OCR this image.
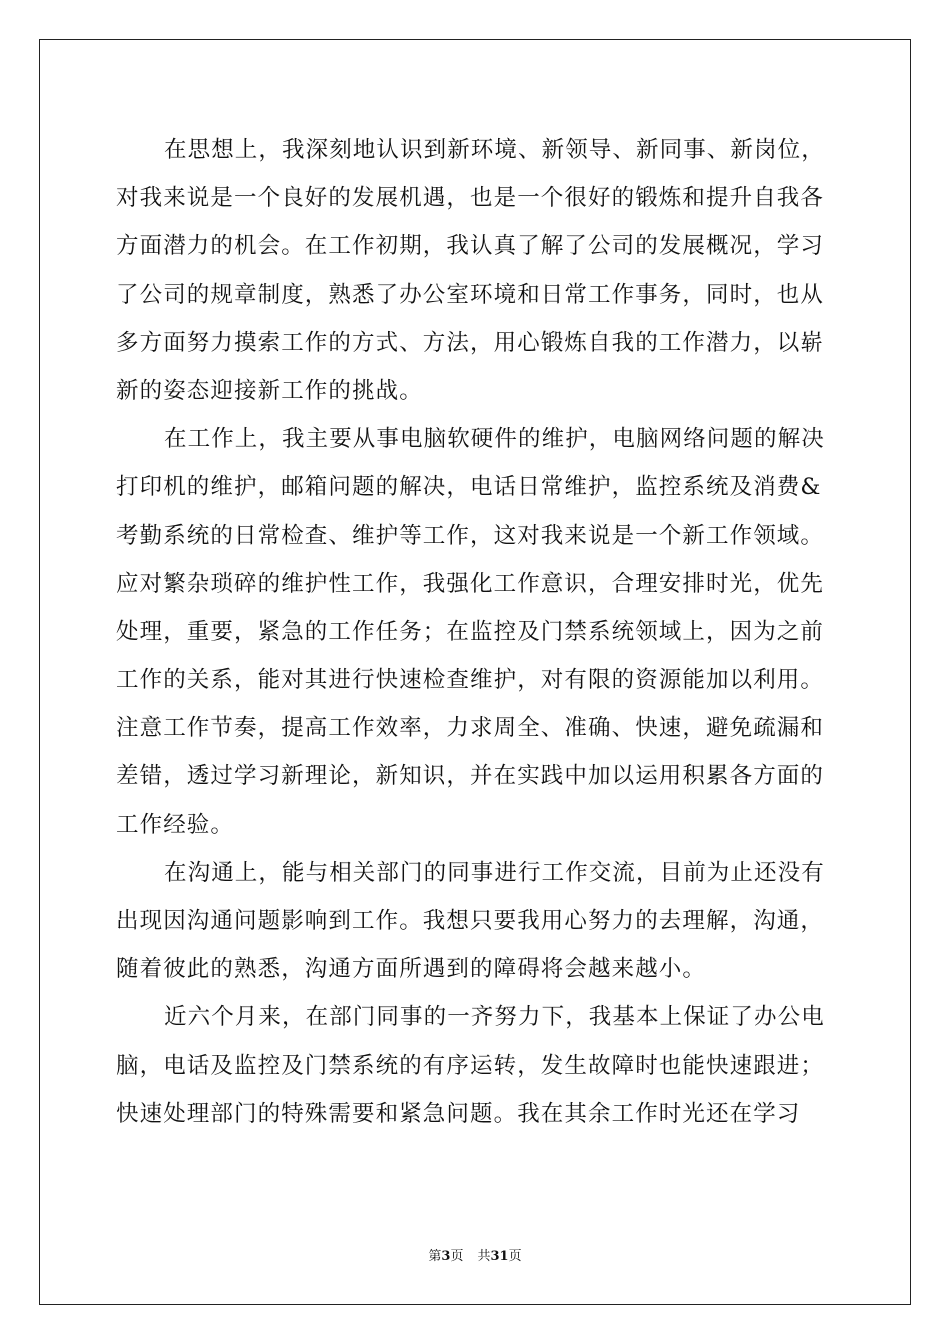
在思想上，我深刻地认识到新环境、新领导、新同事、新岗位，
对我来说是一个良好的发展机遇，也是一个很好的锻炼和提升自我各
方面潜力的机会。在工作初期，我认真了解了公司的发展概况，学习
了公司的规章制度，熟悉了办公室环境和日常工作事务，同时，也从
多方面努力摸索工作的方式、方法，用心锻炼自我的工作潜力，以崭
新的姿态迎接新工作的挑战。
在工作上，我主要从事电脑软硬件的维护，电脑网络问题的解决
打印机的维护，邮箱问题的解决，电话日常维护，监控系统及消费&
考勤系统的日常检查、维护等工作，这对我来说是一个新工作领域。
应对繁杂琐碎的维护性工作，我强化工作意识，合理安排时光，优先
处理，重要，紧急的工作任务；在监控及门禁系统领域上，因为之前
工作的关系，能对其进行快速检查维护，对有限的资源能加以利用。
注意工作节奏，提高工作效率，力求周全、准确、快速，避免疏漏和
差错，透过学习新理论，新知识，并在实践中加以运用积累各方面的
工作经验。
在沟通上，能与相关部门的同事进行工作交流，目前为止还没有
出现因沟通问题影响到工作。我想只要我用心努力的去理解，沟通，
随着彼此的熟悉，沟通方面所遇到的障碍将会越来越小。
近六个月来，在部门同事的一齐努力下，我基本上保证了办公电
脑，电话及监控及门禁系统的有序运转，发生故障时也能快速跟进；
快速处理部门的特殊需要和紧急问题。我在其余工作时光还在学习
第3页 共31页
